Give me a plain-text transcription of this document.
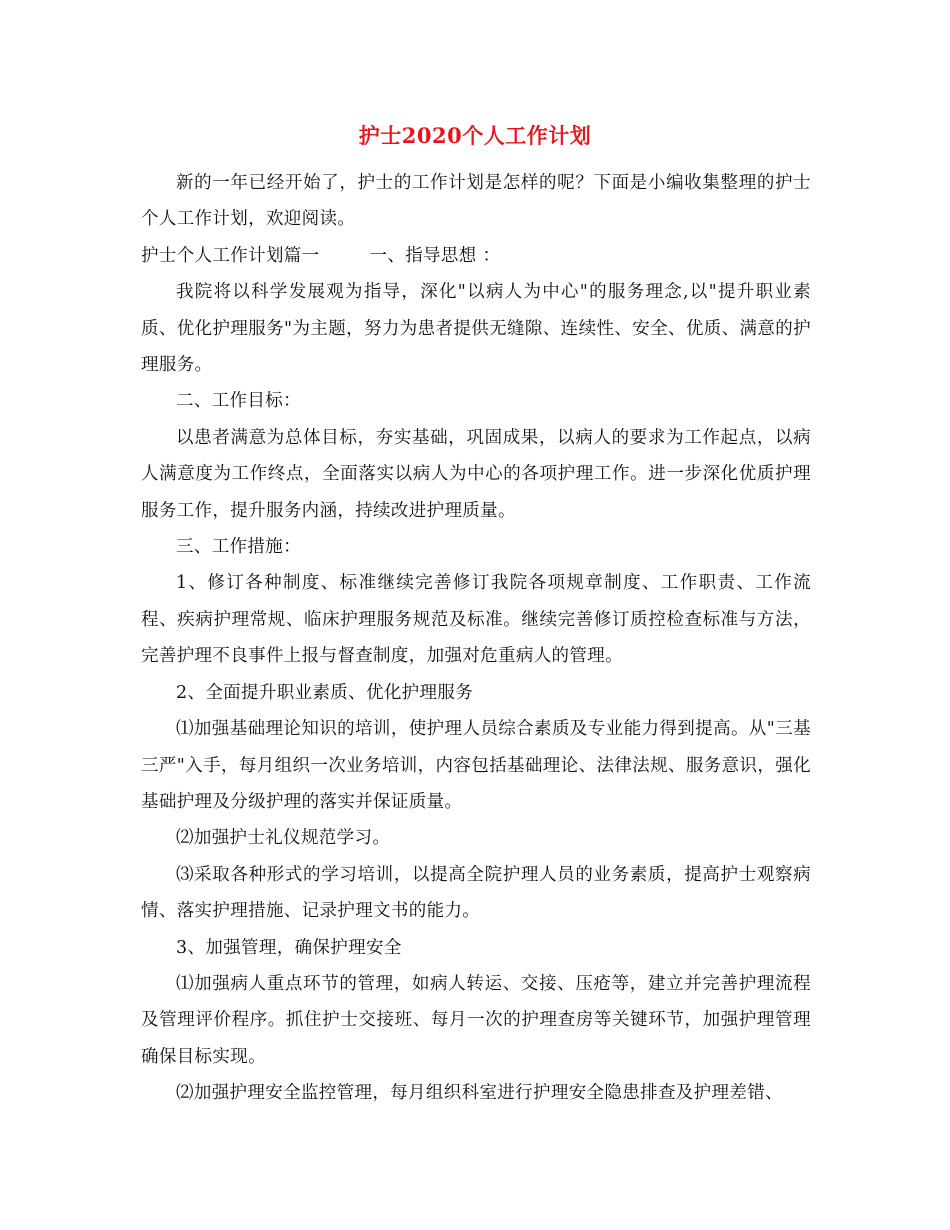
护士2020个人工作计划

新的一年已经开始了，护士的工作计划是怎样的呢？下面是小编收集整理的护士个人工作计划，欢迎阅读。

护士个人工作计划篇一	一、指导思想 ：

我院将以科学发展观为指导，深化"以病人为中心"的服务理念,以"提升职业素质、优化护理服务"为主题，努力为患者提供无缝隙、连续性、安全、优质、满意的护理服务。

二、工作目标：

以患者满意为总体目标，夯实基础，巩固成果，以病人的要求为工作起点，以病人满意度为工作终点，全面落实以病人为中心的各项护理工作。进一步深化优质护理服务工作，提升服务内涵，持续改进护理质量。

三、工作措施：

1、修订各种制度、标准继续完善修订我院各项规章制度、工作职责、工作流程、疾病护理常规、临床护理服务规范及标准。继续完善修订质控检查标准与方法，完善护理不良事件上报与督查制度，加强对危重病人的管理。

2、全面提升职业素质、优化护理服务

⑴加强基础理论知识的培训，使护理人员综合素质及专业能力得到提高。从"三基三严"入手，每月组织一次业务培训，内容包括基础理论、法律法规、服务意识，强化基础护理及分级护理的落实并保证质量。

⑵加强护士礼仪规范学习。

⑶采取各种形式的学习培训，以提高全院护理人员的业务素质，提高护士观察病情、落实护理措施、记录护理文书的能力。

3、加强管理，确保护理安全

⑴加强病人重点环节的管理，如病人转运、交接、压疮等，建立并完善护理流程及管理评价程序。抓住护士交接班、每月一次的护理查房等关键环节，加强护理管理确保目标实现。

⑵加强护理安全监控管理，每月组织科室进行护理安全隐患排查及护理差错、
